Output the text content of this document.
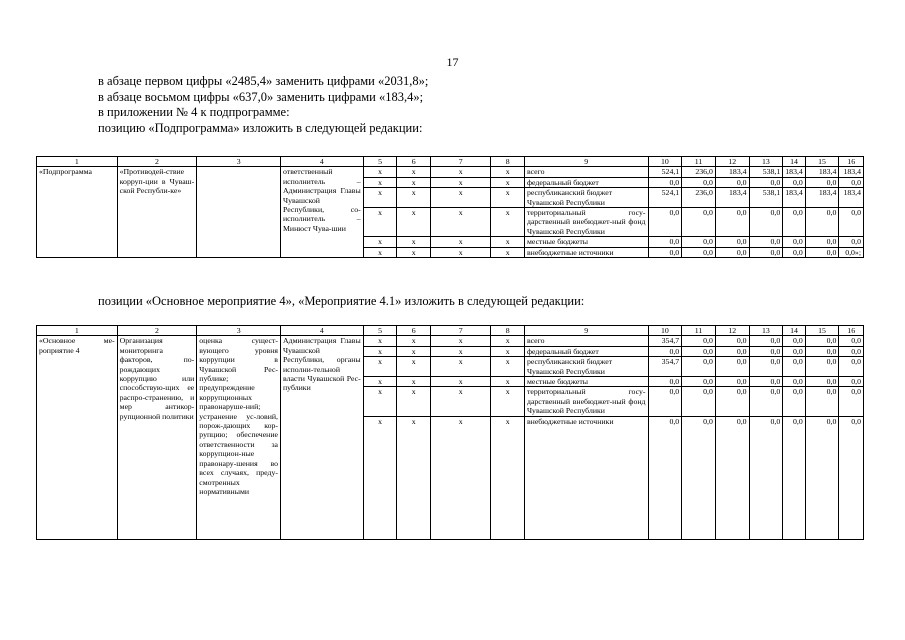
17

в абзаце первом цифры «2485,4» заменить цифрами «2031,8»;

в абзаце восьмом цифры «637,0» заменить цифрами «183,4»;

в приложении № 4 к подпрограмме:

позицию «Подпрограмма» изложить в следующей редакции:

1	2	3	4	5	6	7	8	9	10	11	12	13	14	15	16
«Подпрограмма	«Противодей-ствие корруп-ции в Чуваш-ской Республи-ке»		ответственный исполнитель – Администрация Главы Чувашской Республики, со-исполнитель – Минюст Чува-шии	x	x	x	x	всего	524,1	236,0	183,4	538,1	183,4	183,4	183,4
				x	x	x	x	федеральный бюджет	0,0	0,0	0,0	0,0	0,0	0,0	0,0
				x	x	x	x	республиканский бюджет Чувашской Республики	524,1	236,0	183,4	538,1	183,4	183,4	183,4
				x	x	x	x	территориальный госу-дарственный внебюджет-ный фонд Чувашской Республики	0,0	0,0	0,0	0,0	0,0	0,0	0,0
				x	x	x	x	местные бюджеты	0,0	0,0	0,0	0,0	0,0	0,0	0,0
				x	x	x	x	внебюджетные источники	0,0	0,0	0,0	0,0	0,0	0,0	0,0»;
позиции «Основное мероприятие 4», «Мероприятие 4.1» изложить в следующей редакции:
1	2	3	4	5	6	7	8	9	10	11	12	13	14	15	16
«Основное ме-роприятие 4	Организация мониторинга факторов, по-рождающих коррупцию или способствую-щих ее распро-странению, и мер антикор-рупционной политики	оценка сущест-вующего уровня коррупции в Чувашской Рес-публике; предупреждение коррупционных правонаруше-ний; устранение ус-ловий, порож-дающих кор-рупцию; обеспечение ответственности за коррупцион-ные правонару-шения во всех случаях, преду-смотренных нормативными	Администрация Главы Чувашской Республики, органы исполни-тельной власти Чувашской Рес-публики	x	x	x	x	всего	354,7	0,0	0,0	0,0	0,0	0,0	0,0
				x	x	x	x	федеральный бюджет	0,0	0,0	0,0	0,0	0,0	0,0	0,0
				x	x	x	x	республиканский бюджет Чувашской Республики	354,7	0,0	0,0	0,0	0,0	0,0	0,0
				x	x	x	x	местные бюджеты	0,0	0,0	0,0	0,0	0,0	0,0	0,0
				x	x	x	x	территориальный госу-дарственный внебюджет-ный фонд Чувашской Республики	0,0	0,0	0,0	0,0	0,0	0,0	0,0
				x	x	x	x	внебюджетные источники	0,0	0,0	0,0	0,0	0,0	0,0	0,0
